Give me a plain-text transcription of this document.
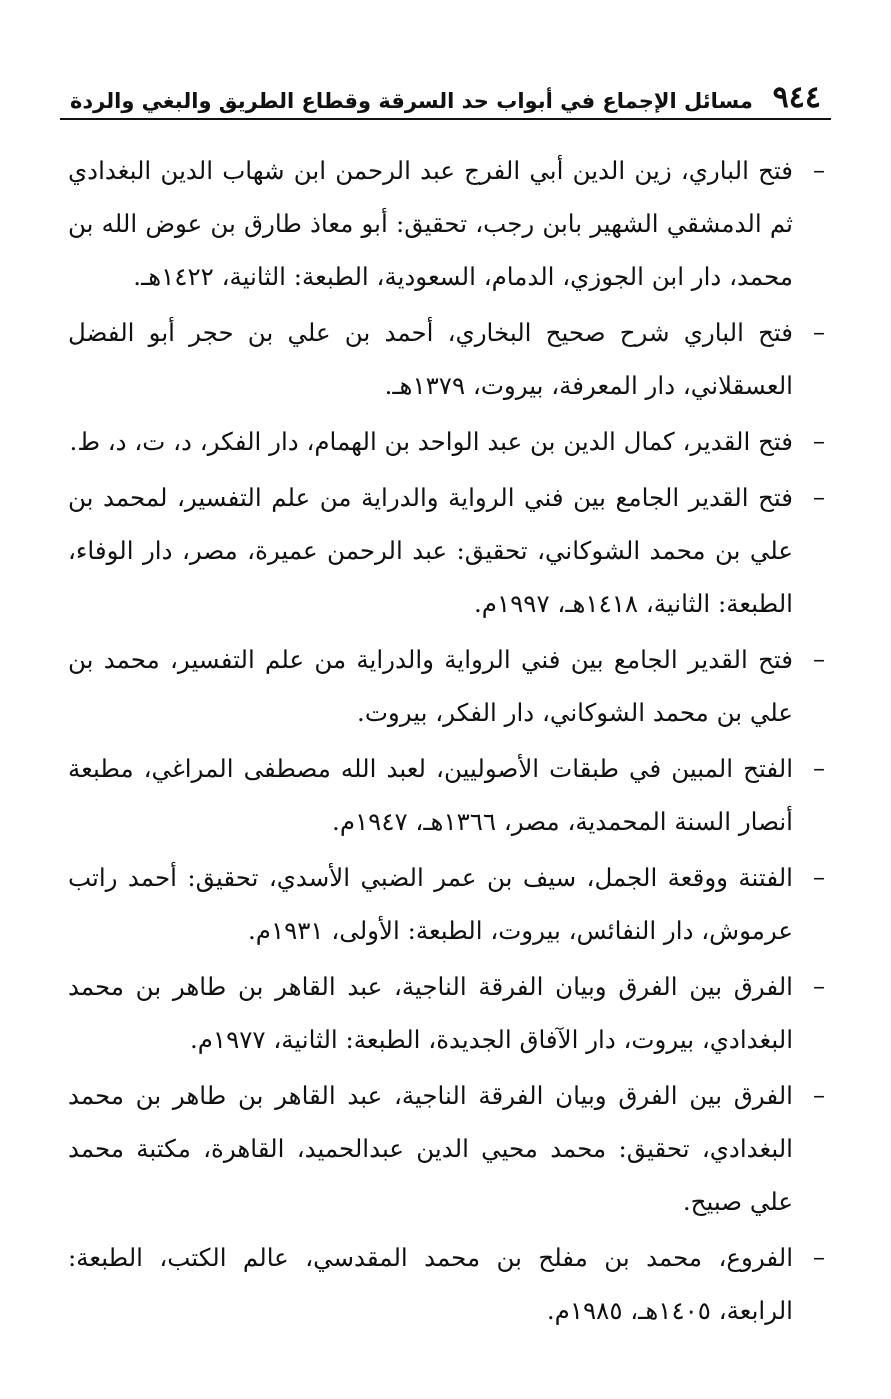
٩٤٤
مسائل الإجماع في أبواب حد السرقة وقطاع الطريق والبغي والردة
–
فتح الباري، زين الدين أبي الفرج عبد الرحمن ابن شهاب الدين البغدادي ثم الدمشقي الشهير بابن رجب، تحقيق: أبو معاذ طارق بن عوض الله بن محمد، دار ابن الجوزي، الدمام، السعودية، الطبعة: الثانية، ١٤٢٢هـ.
–
فتح الباري شرح صحيح البخاري، أحمد بن علي بن حجر أبو الفضل العسقلاني، دار المعرفة، بيروت، ١٣٧٩هـ.
–
فتح القدير، كمال الدين بن عبد الواحد بن الهمام، دار الفكر، د، ت، د، ط.
–
فتح القدير الجامع بين فني الرواية والدراية من علم التفسير، لمحمد بن علي بن محمد الشوكاني، تحقيق: عبد الرحمن عميرة، مصر، دار الوفاء، الطبعة: الثانية، ١٤١٨هـ، ١٩٩٧م.
–
فتح القدير الجامع بين فني الرواية والدراية من علم التفسير، محمد بن علي بن محمد الشوكاني، دار الفكر، بيروت.
–
الفتح المبين في طبقات الأصوليين، لعبد الله مصطفى المراغي، مطبعة أنصار السنة المحمدية، مصر، ١٣٦٦هـ، ١٩٤٧م.
–
الفتنة ووقعة الجمل، سيف بن عمر الضبي الأسدي، تحقيق: أحمد راتب عرموش، دار النفائس، بيروت، الطبعة: الأولى، ١٩٣١م.
–
الفرق بين الفرق وبيان الفرقة الناجية، عبد القاهر بن طاهر بن محمد البغدادي، بيروت، دار الآفاق الجديدة، الطبعة: الثانية، ١٩٧٧م.
–
الفرق بين الفرق وبيان الفرقة الناجية، عبد القاهر بن طاهر بن محمد البغدادي، تحقيق: محمد محيي الدين عبدالحميد، القاهرة، مكتبة محمد علي صبيح.
–
الفروع، محمد بن مفلح بن محمد المقدسي، عالم الكتب، الطبعة: الرابعة، ١٤٠٥هـ، ١٩٨٥م.
